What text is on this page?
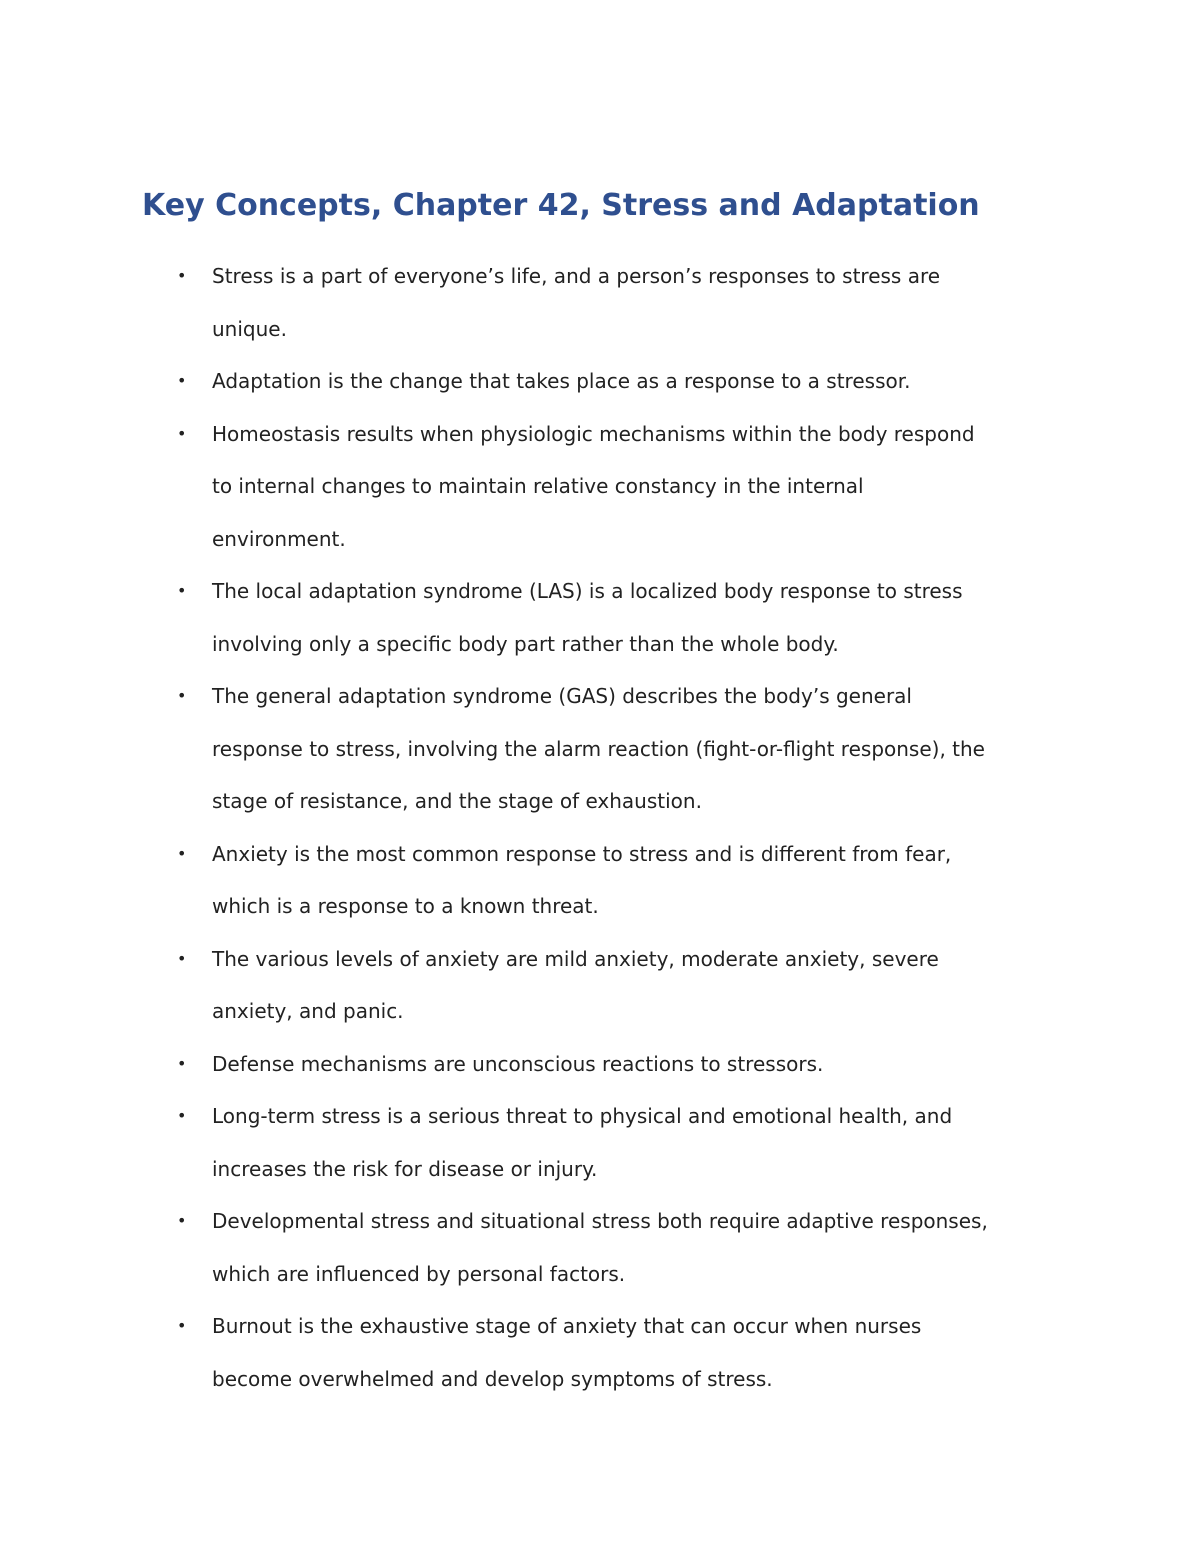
Key Concepts, Chapter 42, Stress and Adaptation
•	Stress is a part of everyone’s life, and a person’s responses to stress are
unique.
•	Adaptation is the change that takes place as a response to a stressor.
•	Homeostasis results when physiologic mechanisms within the body respond
to internal changes to maintain relative constancy in the internal
environment.
•	The local adaptation syndrome (LAS) is a localized body response to stress
involving only a specific body part rather than the whole body.
•	The general adaptation syndrome (GAS) describes the body’s general
response to stress, involving the alarm reaction (fight-or-flight response), the
stage of resistance, and the stage of exhaustion.
•	Anxiety is the most common response to stress and is different from fear,
which is a response to a known threat.
•	The various levels of anxiety are mild anxiety, moderate anxiety, severe
anxiety, and panic.
•	Defense mechanisms are unconscious reactions to stressors.
•	Long-term stress is a serious threat to physical and emotional health, and
increases the risk for disease or injury.
•	Developmental stress and situational stress both require adaptive responses,
which are influenced by personal factors.
•	Burnout is the exhaustive stage of anxiety that can occur when nurses
become overwhelmed and develop symptoms of stress.
